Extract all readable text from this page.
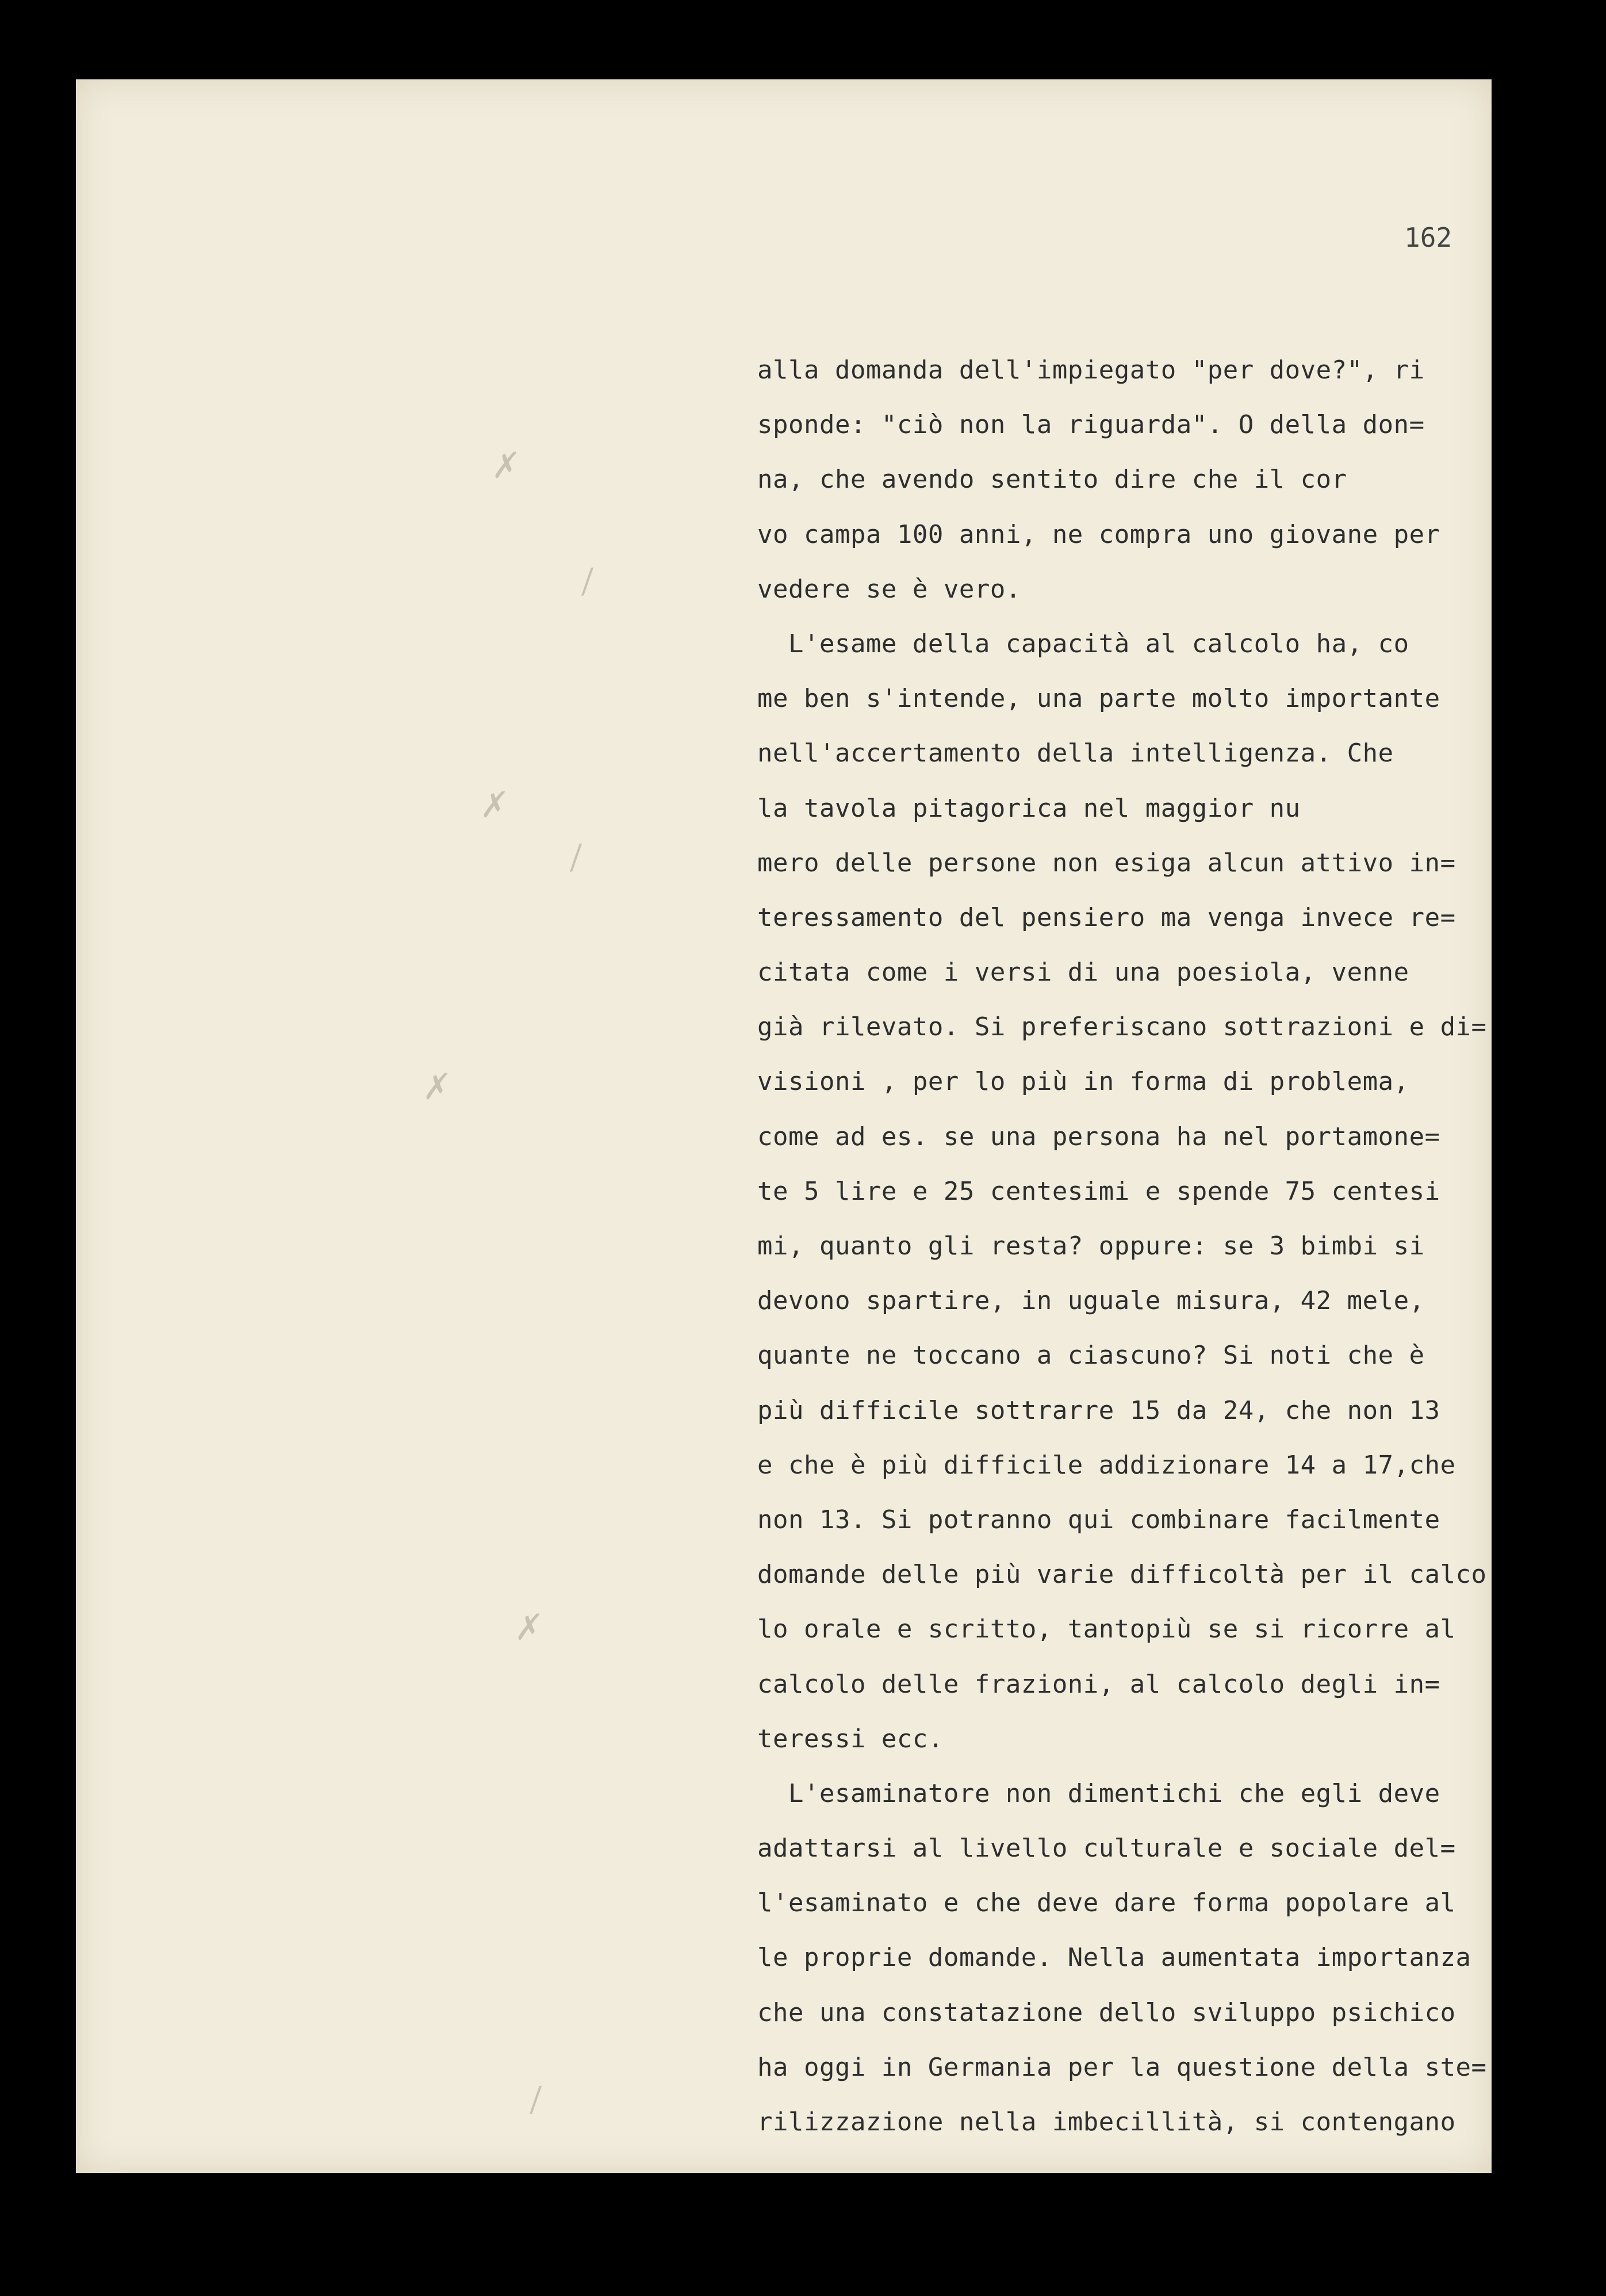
162
✗
/
✗
/
✗
✗
/
alla domanda dell'impiegato "per dove?", ri
sponde: "ciò non la riguarda". O della don=
na, che avendo sentito dire che il cor
vo campa 100 anni, ne compra uno giovane per
vedere se è vero.
L'esame della capacità al calcolo ha, co
me ben s'intende, una parte molto importante
nell'accertamento della intelligenza. Che
la tavola pitagorica nel maggior nu
mero delle persone non esiga alcun attivo in=
teressamento del pensiero ma venga invece re=
citata come i versi di una poesiola, venne
già rilevato. Si preferiscano sottrazioni e di=
visioni , per lo più in forma di problema,
come ad es. se una persona ha nel portamone=
te 5 lire e 25 centesimi e spende 75 centesi
mi, quanto gli resta? oppure: se 3 bimbi si
devono spartire, in uguale misura, 42 mele,
quante ne toccano a ciascuno? Si noti che è
più difficile sottrarre 15 da 24, che non 13
e che è più difficile addizionare 14 a 17,che
non 13. Si potranno qui combinare facilmente
domande delle più varie difficoltà per il calco
lo orale e scritto, tantopiù se si ricorre al
calcolo delle frazioni, al calcolo degli in=
teressi ecc.
L'esaminatore non dimentichi che egli deve
adattarsi al livello culturale e sociale del=
l'esaminato e che deve dare forma popolare al
le proprie domande. Nella aumentata importanza
che una constatazione dello sviluppo psichico
ha oggi in Germania per la questione della ste=
rilizzazione nella imbecillità, si contengano
